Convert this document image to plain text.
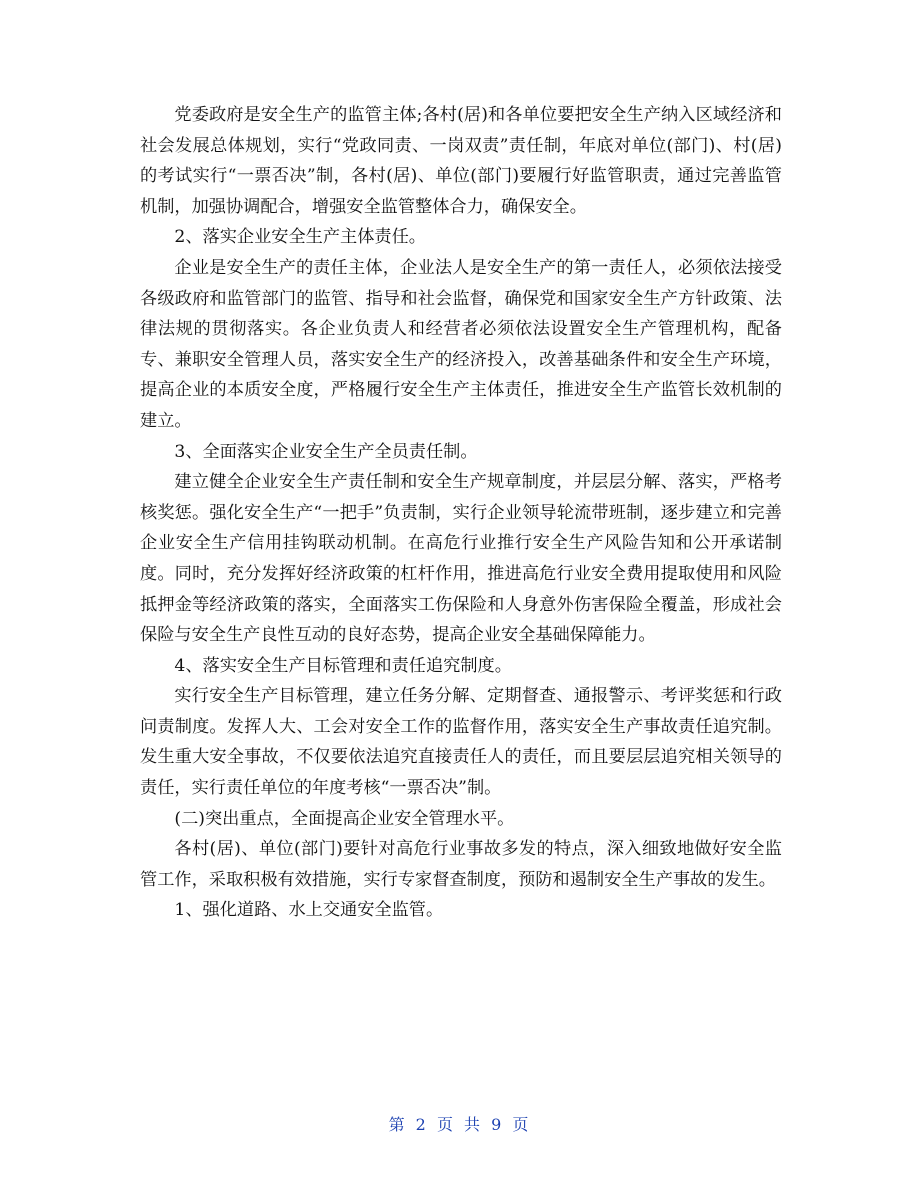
党委政府是安全生产的监管主体;各村(居)和各单位要把安全生产纳入区域经济和社会发展总体规划，实行“党政同责、一岗双责”责任制，年底对单位(部门)、村(居)的考试实行“一票否决”制，各村(居)、单位(部门)要履行好监管职责，通过完善监管机制，加强协调配合，增强安全监管整体合力，确保安全。

2、落实企业安全生产主体责任。

企业是安全生产的责任主体，企业法人是安全生产的第一责任人，必须依法接受各级政府和监管部门的监管、指导和社会监督，确保党和国家安全生产方针政策、法律法规的贯彻落实。各企业负责人和经营者必须依法设置安全生产管理机构，配备专、兼职安全管理人员，落实安全生产的经济投入，改善基础条件和安全生产环境，提高企业的本质安全度，严格履行安全生产主体责任，推进安全生产监管长效机制的建立。

3、全面落实企业安全生产全员责任制。

建立健全企业安全生产责任制和安全生产规章制度，并层层分解、落实，严格考核奖惩。强化安全生产“一把手”负责制，实行企业领导轮流带班制，逐步建立和完善企业安全生产信用挂钩联动机制。在高危行业推行安全生产风险告知和公开承诺制度。同时，充分发挥好经济政策的杠杆作用，推进高危行业安全费用提取使用和风险抵押金等经济政策的落实，全面落实工伤保险和人身意外伤害保险全覆盖，形成社会保险与安全生产良性互动的良好态势，提高企业安全基础保障能力。

4、落实安全生产目标管理和责任追究制度。

实行安全生产目标管理，建立任务分解、定期督查、通报警示、考评奖惩和行政问责制度。发挥人大、工会对安全工作的监督作用，落实安全生产事故责任追究制。发生重大安全事故，不仅要依法追究直接责任人的责任，而且要层层追究相关领导的责任，实行责任单位的年度考核“一票否决”制。

(二)突出重点，全面提高企业安全管理水平。

各村(居)、单位(部门)要针对高危行业事故多发的特点，深入细致地做好安全监管工作，采取积极有效措施，实行专家督查制度，预防和遏制安全生产事故的发生。

1、强化道路、水上交通安全监管。

第 2 页 共 9 页
